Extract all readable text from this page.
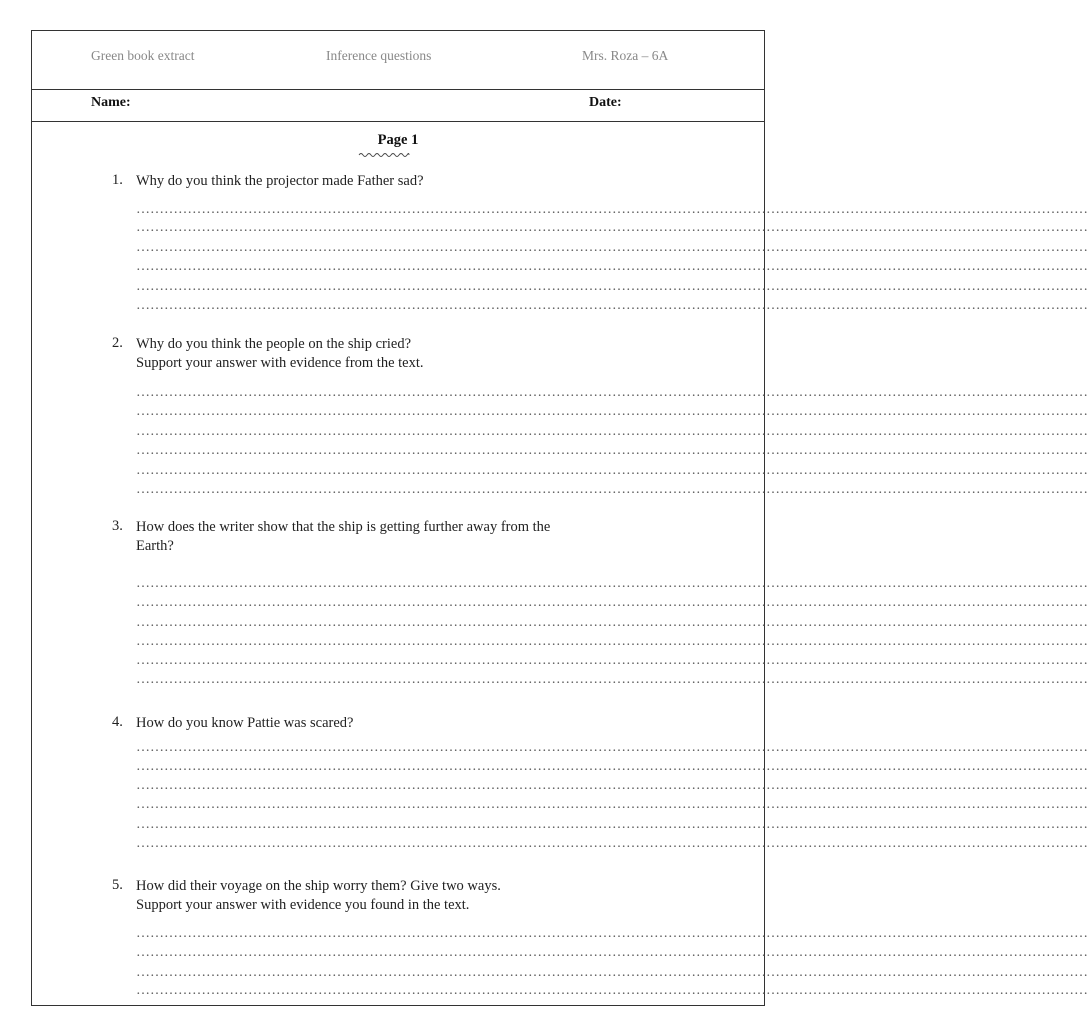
Green book extract	Inference questions	Mrs. Roza – 6A
Name:	Date:
Page 1
1. Why do you think the projector made Father sad?
……………………………………………………………………………………………………………………………………………………………………………………
……………………………………………………………………………………………………………………………………………………………………………………
……………………………………………………………………………………………………………………………………………………………………………………
……………………………………………………………………………………………………………………………………………………………………………………
……………………………………………………………………………………………………………………………………………………………………………………
……………………………………………………………………………………………………………………………………………………………………………………
2. Why do you think the people on the ship cried?
Support your answer with evidence from the text.
……………………………………………………………………………………………………………………………………………………………………………………
……………………………………………………………………………………………………………………………………………………………………………………
……………………………………………………………………………………………………………………………………………………………………………………
……………………………………………………………………………………………………………………………………………………………………………………
……………………………………………………………………………………………………………………………………………………………………………………
……………………………………………………………………………………………………………………………………………………………………………………
3. How does the writer show that the ship is getting further away from the
Earth?
……………………………………………………………………………………………………………………………………………………………………………………
……………………………………………………………………………………………………………………………………………………………………………………
……………………………………………………………………………………………………………………………………………………………………………………
……………………………………………………………………………………………………………………………………………………………………………………
……………………………………………………………………………………………………………………………………………………………………………………
……………………………………………………………………………………………………………………………………………………………………………………
4. How do you know Pattie was scared?
……………………………………………………………………………………………………………………………………………………………………………………
……………………………………………………………………………………………………………………………………………………………………………………
……………………………………………………………………………………………………………………………………………………………………………………
……………………………………………………………………………………………………………………………………………………………………………………
……………………………………………………………………………………………………………………………………………………………………………………
……………………………………………………………………………………………………………………………………………………………………………………
5. How did their voyage on the ship worry them? Give two ways.
Support your answer with evidence you found in the text.
……………………………………………………………………………………………………………………………………………………………………………………
……………………………………………………………………………………………………………………………………………………………………………………
……………………………………………………………………………………………………………………………………………………………………………………
……………………………………………………………………………………………………………………………………………………………………………………
